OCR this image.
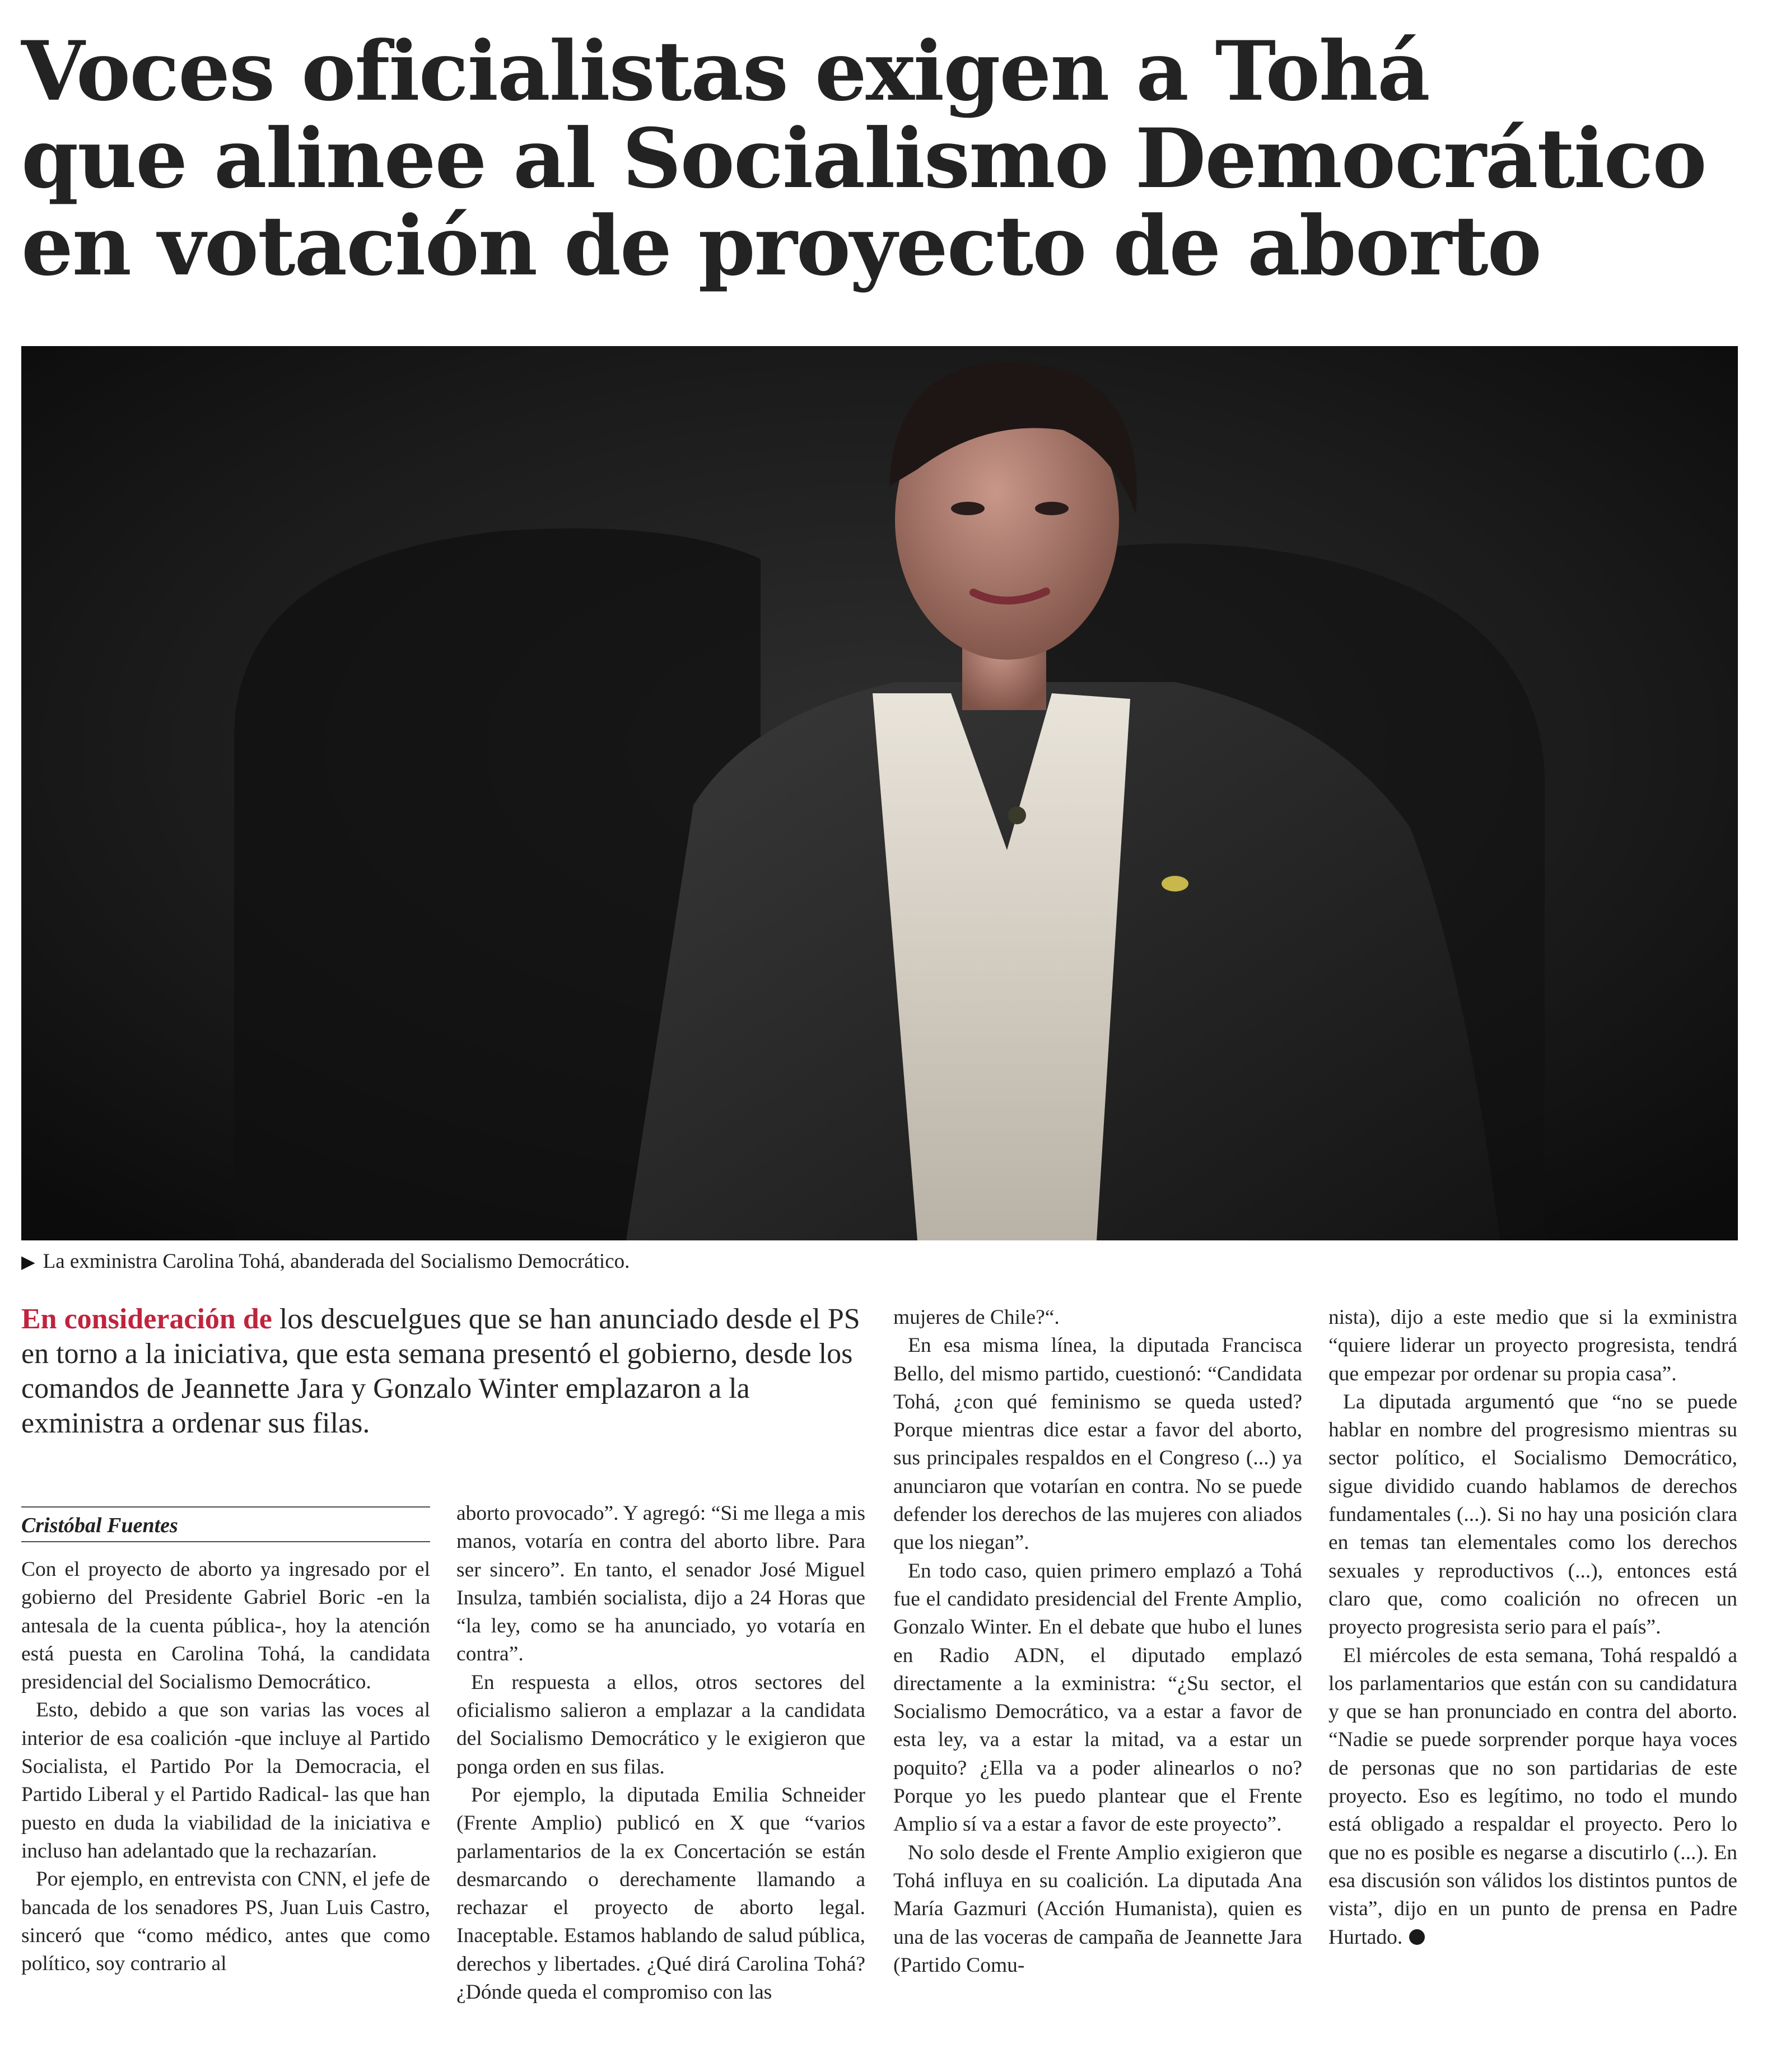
Voces oficialistas exigen a Tohá
que alinee al Socialismo Democrático
en votación de proyecto de aborto
▶ La exministra Carolina Tohá, abanderada del Socialismo Democrático.
En consideración de los descuelgues que se han anunciado desde el PS en torno a la iniciativa, que esta semana presentó el gobierno, desde los comandos de Jeannette Jara y Gonzalo Winter emplazaron a la exministra a ordenar sus filas.
Cristóbal Fuentes

Con el proyecto de aborto ya ingresado por el gobierno del Presidente Gabriel Boric -en la antesala de la cuenta pública-, hoy la atención está puesta en Carolina Tohá, la candidata presidencial del Socialismo Democrático.

Esto, debido a que son varias las voces al interior de esa coalición -que incluye al Partido Socialista, el Partido Por la Democracia, el Partido Liberal y el Partido Radical- las que han puesto en duda la viabilidad de la iniciativa e incluso han adelantado que la rechazarían.

Por ejemplo, en entrevista con CNN, el jefe de bancada de los senadores PS, Juan Luis Castro, sinceró que “como médico, antes que como político, soy contrario al

aborto provocado”. Y agregó: “Si me llega a mis manos, votaría en contra del aborto libre. Para ser sincero”. En tanto, el senador José Miguel Insulza, también socialista, dijo a 24 Horas que “la ley, como se ha anunciado, yo votaría en contra”.

En respuesta a ellos, otros sectores del oficialismo salieron a emplazar a la candidata del Socialismo Democrático y le exigieron que ponga orden en sus filas.

Por ejemplo, la diputada Emilia Schneider (Frente Amplio) publicó en X que “varios parlamentarios de la ex Concertación se están desmarcando o derechamente llamando a rechazar el proyecto de aborto legal. Inaceptable. Estamos hablando de salud pública, derechos y libertades. ¿Qué dirá Carolina Tohá? ¿Dónde queda el compromiso con las

mujeres de Chile?“.

En esa misma línea, la diputada Francisca Bello, del mismo partido, cuestionó: “Candidata Tohá, ¿con qué feminismo se queda usted? Porque mientras dice estar a favor del aborto, sus principales respaldos en el Congreso (...) ya anunciaron que votarían en contra. No se puede defender los derechos de las mujeres con aliados que los niegan”.

En todo caso, quien primero emplazó a Tohá fue el candidato presidencial del Frente Amplio, Gonzalo Winter. En el debate que hubo el lunes en Radio ADN, el diputado emplazó directamente a la exministra: “¿Su sector, el Socialismo Democrático, va a estar a favor de esta ley, va a estar la mitad, va a estar un poquito? ¿Ella va a poder alinearlos o no? Porque yo les puedo plantear que el Frente Amplio sí va a estar a favor de este proyecto”.

No solo desde el Frente Amplio exigieron que Tohá influya en su coalición. La diputada Ana María Gazmuri (Acción Humanista), quien es una de las voceras de campaña de Jeannette Jara (Partido Comu-

nista), dijo a este medio que si la exministra “quiere liderar un proyecto progresista, tendrá que empezar por ordenar su propia casa”.

La diputada argumentó que “no se puede hablar en nombre del progresismo mientras su sector político, el Socialismo Democrático, sigue dividido cuando hablamos de derechos fundamentales (...). Si no hay una posición clara en temas tan elementales como los derechos sexuales y reproductivos (...), entonces está claro que, como coalición no ofrecen un proyecto progresista serio para el país”.

El miércoles de esta semana, Tohá respaldó a los parlamentarios que están con su candidatura y que se han pronunciado en contra del aborto. “Nadie se puede sorprender porque haya voces de personas que no son partidarias de este proyecto. Eso es legítimo, no todo el mundo está obligado a respaldar el proyecto. Pero lo que no es posible es negarse a discutirlo (...). En esa discusión son válidos los distintos puntos de vista”, dijo en un punto de prensa en Padre Hurtado.
